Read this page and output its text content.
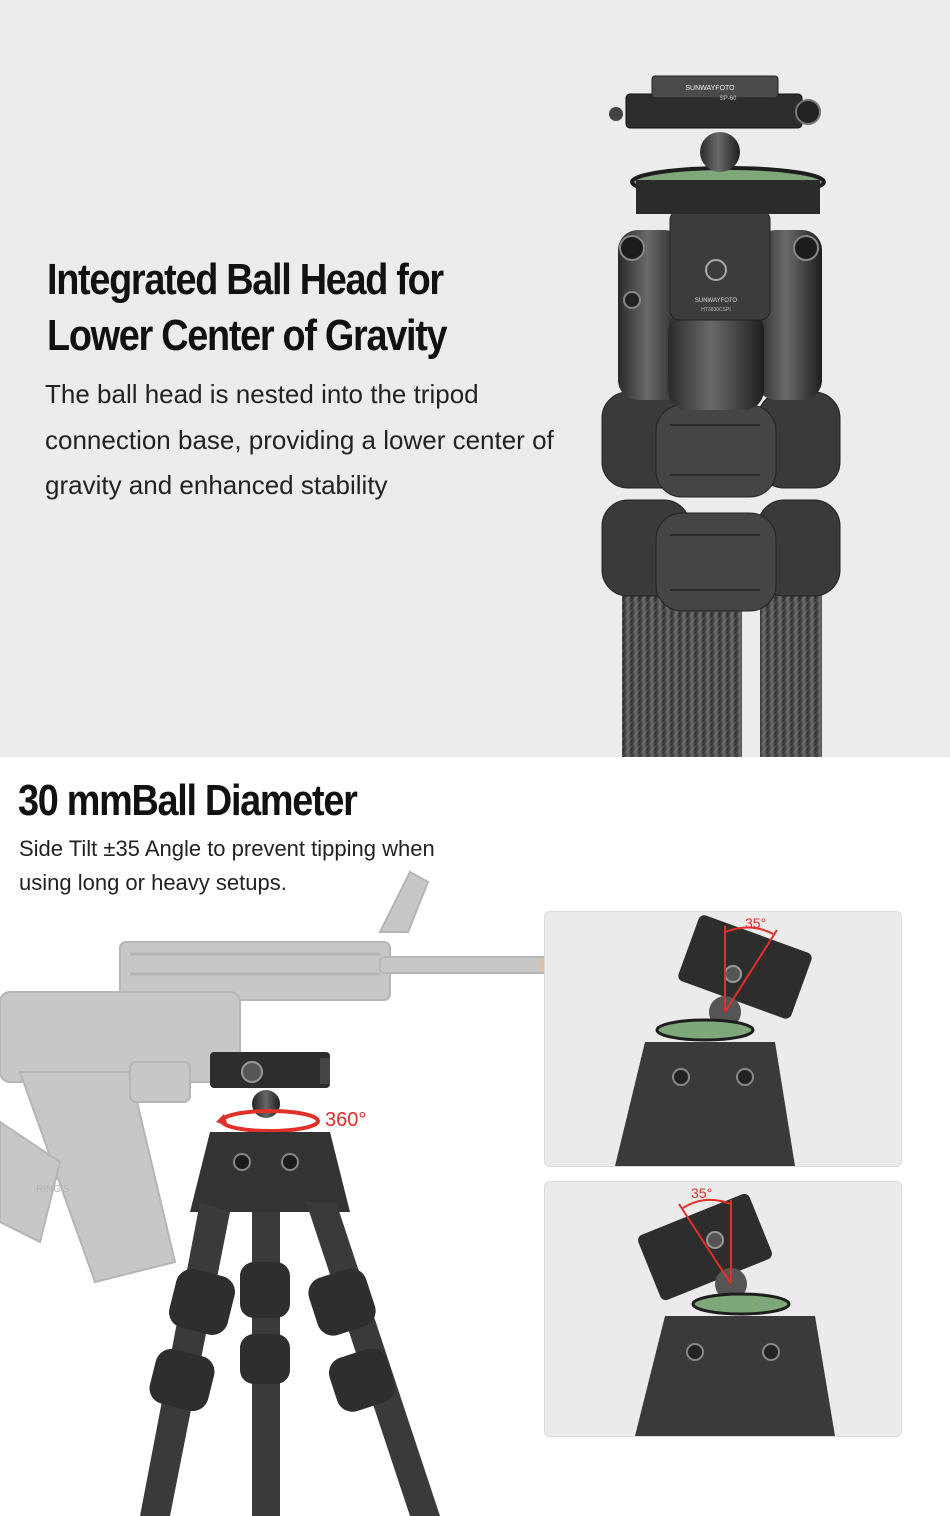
Integrated Ball Head for
Lower Center of Gravity

The ball head is nested into the tripod connection base, providing a lower center of gravity and enhanced stability

SUNWAYFOTO
HT3830CSPI
SUNWAYFOTO
SP-60
30 mmBall Diameter

Side Tilt ±35 Angle to prevent tipping when using long or heavy setups.

RING'S
360°
35°
35°
